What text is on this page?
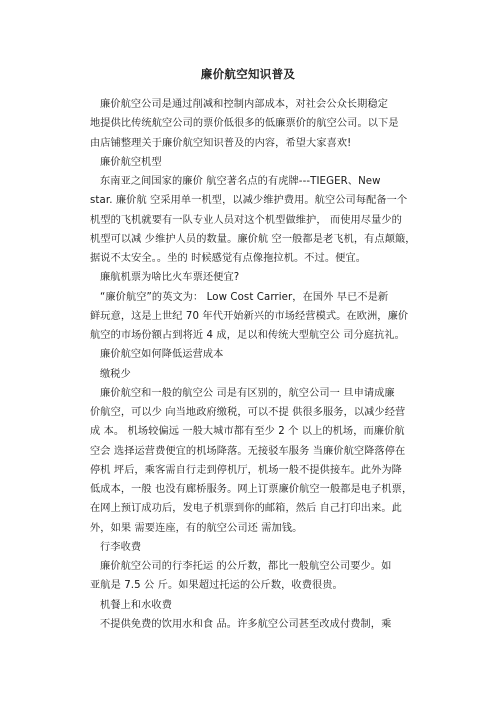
廉价航空知识普及
廉价航空公司是通过削减和控制内部成本，对社会公众长期稳定
地提供比传统航空公司的票价低很多的低廉票价的航空公司。以下是
由店铺整理关于廉价航空知识普及的内容，希望大家喜欢!
廉价航空机型
东南亚之间国家的廉价 航空著名点的有虎牌---TIEGER、New
star. 廉价航 空采用单一机型，以减少维护费用。航空公司每配备一个
机型的飞机就要有一队专业人员对这个机型做维护， 而使用尽量少的
机型可以减 少维护人员的数量。廉价航 空一般都是老飞机，有点颠簸，
据说不太安全。。坐的 时候感觉有点像拖拉机。不过。便宜。
廉航机票为啥比火车票还便宜?
“廉价航空”的英文为： Low Cost Carrier，在国外 早已不是新
鲜玩意，这是上世纪 70 年代开始新兴的市场经营模式。在欧洲，廉价
航空的市场份额占到将近 4 成，足以和传统大型航空公 司分庭抗礼。
廉价航空如何降低运营成本
缴税少
廉价航空和一般的航空公 司是有区别的，航空公司一 旦申请成廉
价航空，可以少 向当地政府缴税，可以不提 供很多服务，以减少经营
成 本。 机场较偏远 一般大城市都有至少 2 个 以上的机场，而廉价航
空会 选择运营费便宜的机场降落。无接驳车服务 当廉价航空降落停在
停机 坪后，乘客需自行走到停机厅，机场一般不提供接车。此外为降
低成本，一般 也没有廊桥服务。网上订票廉价航空一般都是电子机票，
在网上预订成功后，发电子机票到你的邮箱，然后 自己打印出来。此
外，如果 需要连座，有的航空公司还 需加钱。
行李收费
廉价航空公司的行李托运 的公斤数，都比一般航空公司要少。如
亚航是 7.5 公 斤。如果超过托运的公斤数，收费很贵。
机餐上和水收费
不提供免费的饮用水和食 品。许多航空公司甚至改成付费制，乘
